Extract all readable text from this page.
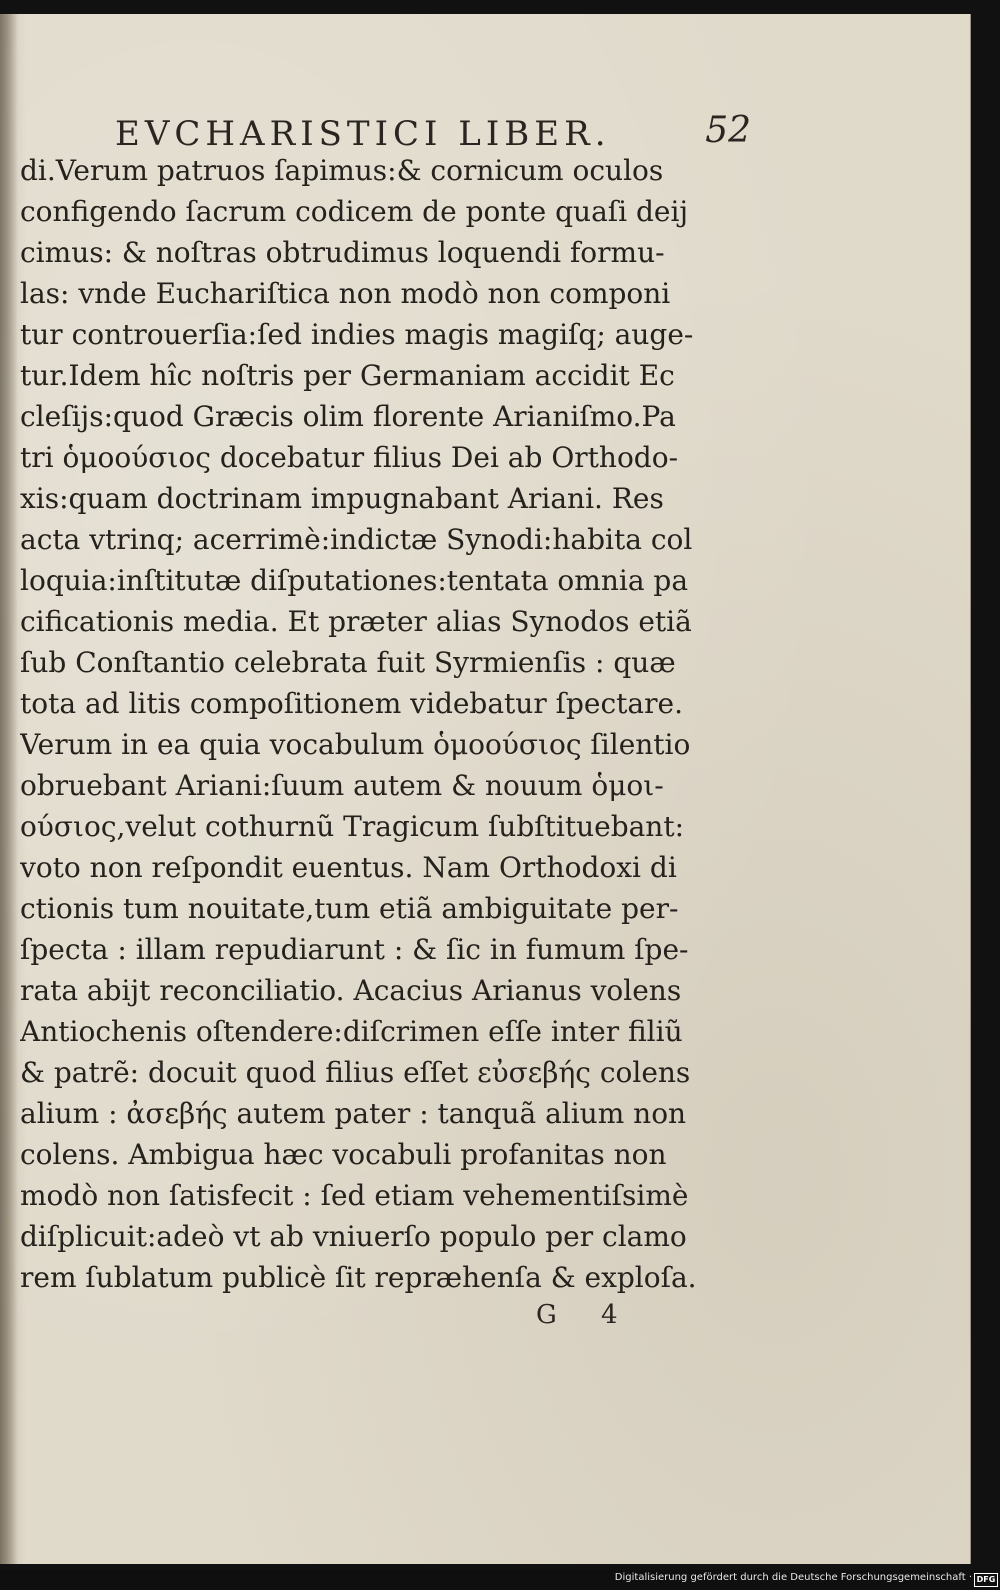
EVCHARISTICI LIBER.	52
di.Verum patruos ſapimus:& cornicum oculos
configendo ſacrum codicem de ponte quaſi deij
cimus: & noſtras obtrudimus loquendi formu-
las: vnde Euchariſtica non modò non componi
tur controuerſia:ſed indies magis magiſq; auge-
tur.Idem hîc noſtris per Germaniam accidit Ec
cleſijs:quod Græcis olim florente Arianiſmo.Pa
tri ὁμοούσιος docebatur filius Dei ab Orthodo-
xis:quam doctrinam impugnabant Ariani. Res
acta vtrinq; acerrimè:indictæ Synodi:habita col
loquia:inſtitutæ diſputationes:tentata omnia pa
cificationis media. Et præter alias Synodos etiã
ſub Conſtantio celebrata fuit Syrmienſis : quæ
tota ad litis compoſitionem videbatur ſpectare.
Verum in ea quia vocabulum ὁμοούσιος ſilentio
obruebant Ariani:ſuum autem & nouum ὁμοι-
ούσιος,velut cothurnũ Tragicum ſubſtituebant:
voto non reſpondit euentus. Nam Orthodoxi di
ctionis tum nouitate,tum etiã ambiguitate per-
ſpecta : illam repudiarunt : & ſic in fumum ſpe-
rata abijt reconciliatio. Acacius Arianus volens
Antiochenis oſtendere:diſcrimen eſſe inter filiũ
& patrẽ: docuit quod filius eſſet εὐσεβής colens
alium : ἀσεβής autem pater : tanquã alium non
colens. Ambigua hæc vocabuli profanitas non
modò non ſatisfecit : ſed etiam vehementiſsimè
diſplicuit:adeò vt ab vniuerſo populo per clamo
rem ſublatum publicè ſit repræhenſa & exploſa.
G 4
Digitalisierung gefördert durch die Deutsche Forschungsgemeinschaft · DFG
